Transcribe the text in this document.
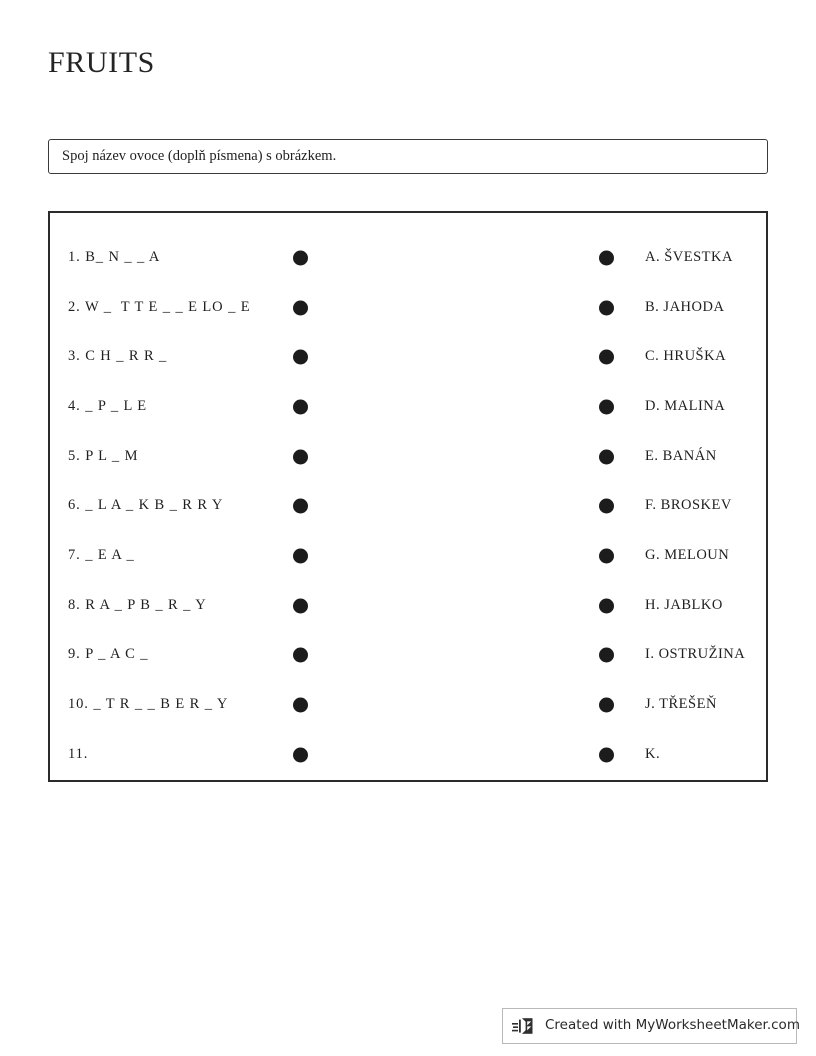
FRUITS
Spoj název ovoce (doplň písmena) s obrázkem.
1. B_ N _ _ A	A. ŠVESTKA
2. W _  T T E _ _ E LO _ E	B. JAHODA
3. C H _ R R _	C. HRUŠKA
4. _ P _ L E	D. MALINA
5. P L _ M	E. BANÁN
6. _ L A _ K B _ R R Y	F. BROSKEV
7. _ E A _	G. MELOUN
8. R A _ P B _ R _ Y	H. JABLKO
9. P _ A C _	I. OSTRUŽINA
10. _ T R _ _ B E R _ Y	J. TŘEŠEŇ
11.	K.
Created with MyWorksheetMaker.com
